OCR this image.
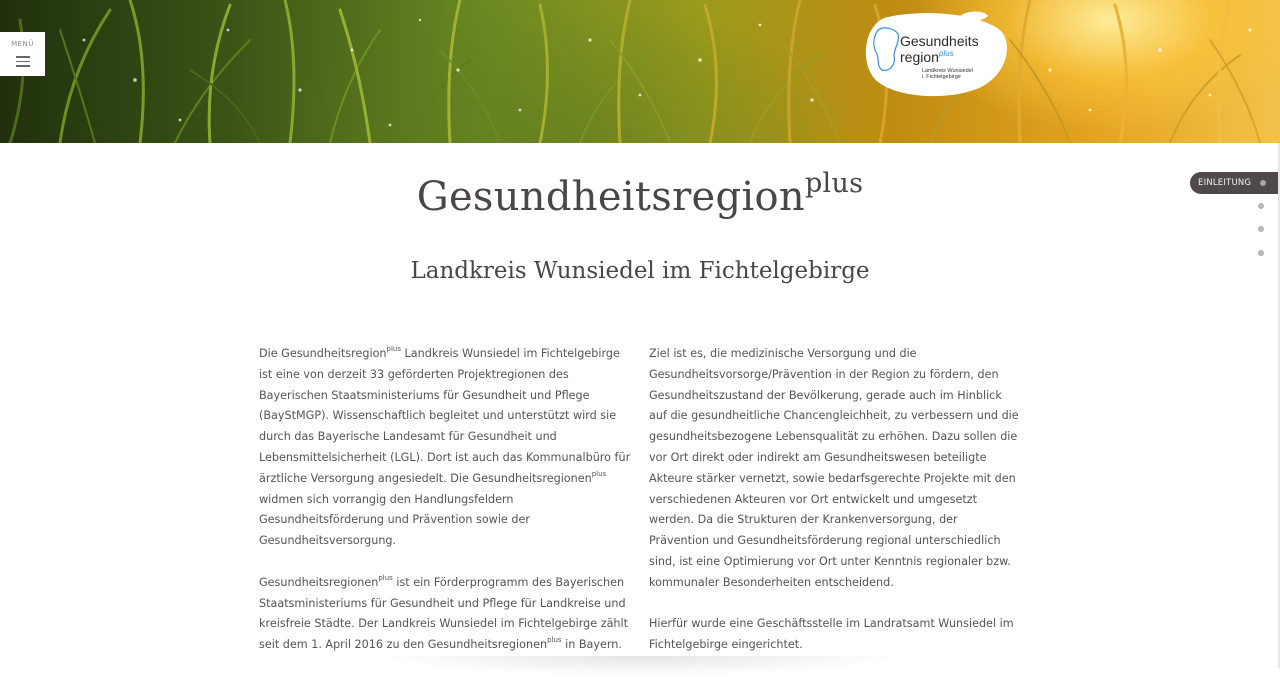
MENÜ	Gesundheits
region$^{plus}$
Landkreis Wunsiedel
i. Fichtelgebirge
Gesundheitsregion$^{plus}$
Landkreis Wunsiedel im Fichtelgebirge

Die Gesundheitsregion$^{plus}$ Landkreis Wunsiedel im Fichtelgebirge ist eine von derzeit 33 geförderten Projektregionen des Bayerischen Staatsministeriums für Gesundheit und Pflege (BayStMGP). Wissenschaftlich begleitet und unterstützt wird sie durch das Bayerische Landesamt für Gesundheit und Lebensmittelsicherheit (LGL). Dort ist auch das Kommunalbüro für ärztliche Versorgung angesiedelt. Die Gesundheitsregionen$^{plus}$ widmen sich vorrangig den Handlungsfeldern Gesundheitsförderung und Prävention sowie der Gesundheitsversorgung.

Gesundheitsregionen$^{plus}$ ist ein Förderprogramm des Bayerischen Staatsministeriums für Gesundheit und Pflege für Landkreise und kreisfreie Städte. Der Landkreis Wunsiedel im Fichtelgebirge zählt seit dem 1. April 2016 zu den Gesundheitsregionen$^{plus}$ in Bayern.

Ziel ist es, die medizinische Versorgung und die Gesundheitsvorsorge/Prävention in der Region zu fördern, den Gesundheitszustand der Bevölkerung, gerade auch im Hinblick auf die gesundheitliche Chancengleichheit, zu verbessern und die gesundheitsbezogene Lebensqualität zu erhöhen. Dazu sollen die vor Ort direkt oder indirekt am Gesundheitswesen beteiligte Akteure stärker vernetzt, sowie bedarfsgerechte Projekte mit den verschiedenen Akteuren vor Ort entwickelt und umgesetzt werden. Da die Strukturen der Krankenversorgung, der Prävention und Gesundheitsförderung regional unterschiedlich sind, ist eine Optimierung vor Ort unter Kenntnis regionaler bzw. kommunaler Besonderheiten entscheidend.

Hierfür wurde eine Geschäftsstelle im Landratsamt Wunsiedel im Fichtelgebirge eingerichtet.

EINLEITUNG
